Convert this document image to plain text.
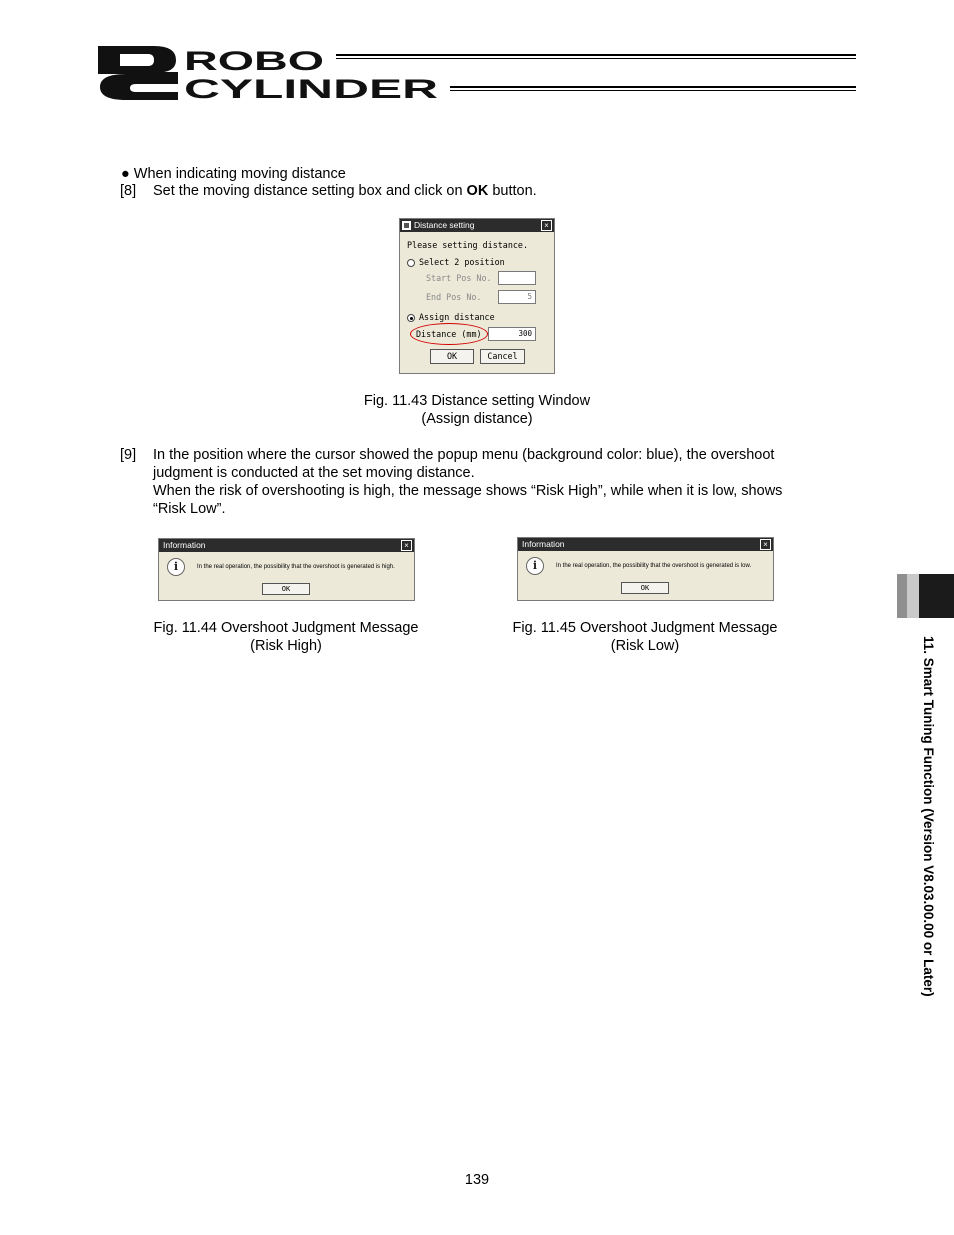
ROBO
CYLINDER
● When indicating moving distance
[8] Set the moving distance setting box and click on OK button.
Distance setting	×
Please setting distance.
Select 2 position
Start Pos No.
End Pos No.	5
Assign distance
Distance (mm)	300
OK	Cancel
Fig. 11.43 Distance setting Window
(Assign distance)
[9] In the position where the cursor showed the popup menu (background color: blue), the overshoot
judgment is conducted at the set moving distance.
When the risk of overshooting is high, the message shows “Risk High”, while when it is low, shows
“Risk Low”.
Information	×
i	In the real operation, the possibility that the overshoot is generated is high.
OK
Information	×
i	In the real operation, the possibility that the overshoot is generated is low.
OK
Fig. 11.44 Overshoot Judgment Message
(Risk High)
Fig. 11.45 Overshoot Judgment Message
(Risk Low)	11. Smart Tuning Function (Version V8.03.00.00 or Later)
139
